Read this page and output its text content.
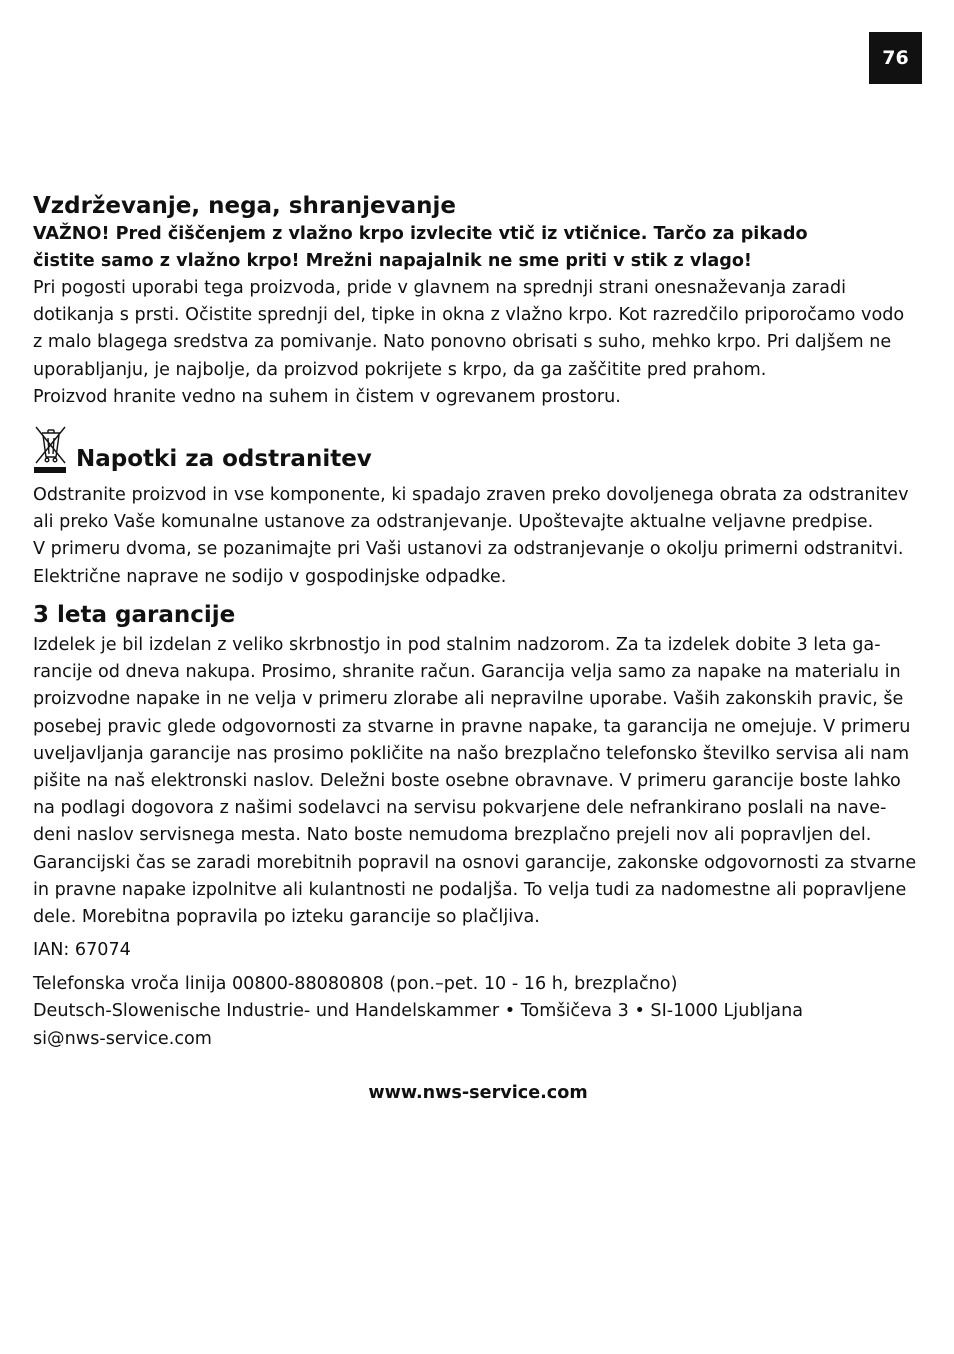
76
Vzdrževanje, nega, shranjevanje
VAŽNO! Pred čiščenjem z vlažno krpo izvlecite vtič iz vtičnice. Tarčo za pikado
čistite samo z vlažno krpo! Mrežni napajalnik ne sme priti v stik z vlago!
Pri pogosti uporabi tega proizvoda, pride v glavnem na sprednji strani onesnaževanja zaradi
dotikanja s prsti. Očistite sprednji del, tipke in okna z vlažno krpo. Kot razredčilo priporočamo vodo
z malo blagega sredstva za pomivanje. Nato ponovno obrisati s suho, mehko krpo. Pri daljšem ne
uporabljanju, je najbolje, da proizvod pokrijete s krpo, da ga zaščitite pred prahom.
Proizvod hranite vedno na suhem in čistem v ogrevanem prostoru.
Napotki za odstranitev
Odstranite proizvod in vse komponente, ki spadajo zraven preko dovoljenega obrata za odstranitev
ali preko Vaše komunalne ustanove za odstranjevanje. Upoštevajte aktualne veljavne predpise.
V primeru dvoma, se pozanimajte pri Vaši ustanovi za odstranjevanje o okolju primerni odstranitvi.
Električne naprave ne sodijo v gospodinjske odpadke.
3 leta garancije
Izdelek je bil izdelan z veliko skrbnostjo in pod stalnim nadzorom. Za ta izdelek dobite 3 leta ga-
rancije od dneva nakupa. Prosimo, shranite račun. Garancija velja samo za napake na materialu in
proizvodne napake in ne velja v primeru zlorabe ali nepravilne uporabe. Vaših zakonskih pravic, še
posebej pravic glede odgovornosti za stvarne in pravne napake, ta garancija ne omejuje. V primeru
uveljavljanja garancije nas prosimo pokličite na našo brezplačno telefonsko številko servisa ali nam
pišite na naš elektronski naslov. Deležni boste osebne obravnave. V primeru garancije boste lahko
na podlagi dogovora z našimi sodelavci na servisu pokvarjene dele nefrankirano poslali na nave-
deni naslov servisnega mesta. Nato boste nemudoma brezplačno prejeli nov ali popravljen del.
Garancijski čas se zaradi morebitnih popravil na osnovi garancije, zakonske odgovornosti za stvarne
in pravne napake izpolnitve ali kulantnosti ne podaljša. To velja tudi za nadomestne ali popravljene
dele. Morebitna popravila po izteku garancije so plačljiva.
IAN: 67074
Telefonska vroča linija 00800-88080808 (pon.–pet. 10 - 16 h, brezplačno)
Deutsch-Slowenische Industrie- und Handelskammer • Tomšičeva 3 • SI-1000 Ljubljana
si@nws-service.com
www.nws-service.com
